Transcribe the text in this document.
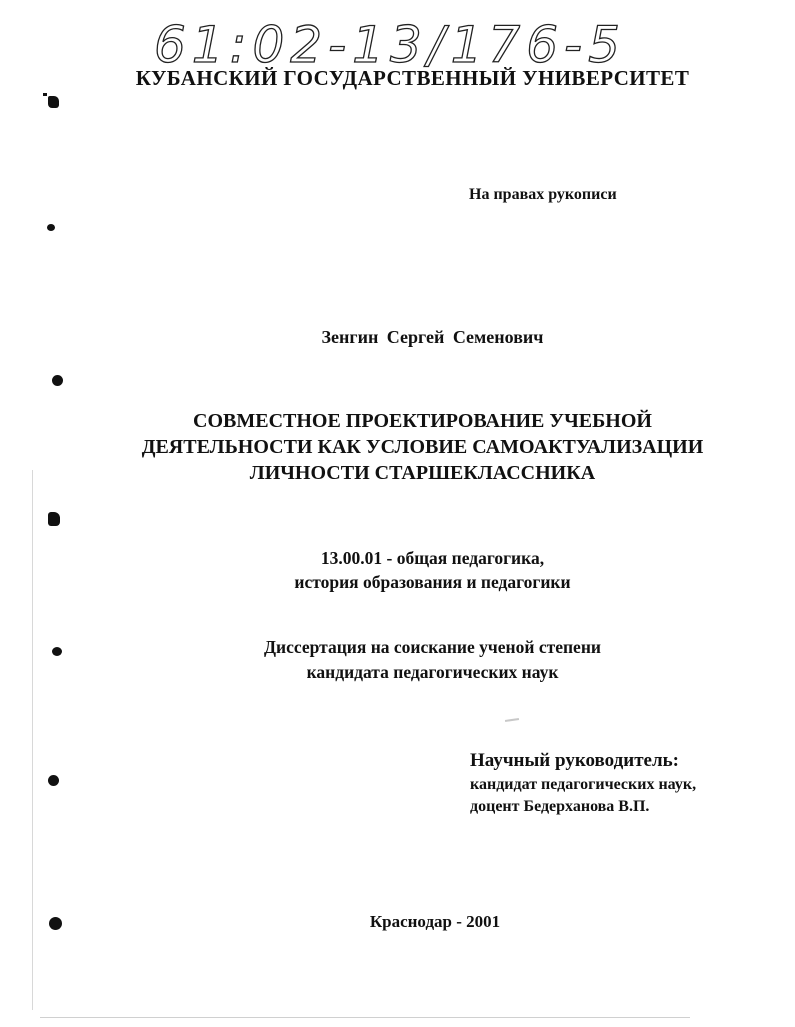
61:02-13/176-5
КУБАНСКИЙ ГОСУДАРСТВЕННЫЙ УНИВЕРСИТЕТ
На правах рукописи
Зенгин Сергей Семенович
СОВМЕСТНОЕ ПРОЕКТИРОВАНИЕ УЧЕБНОЙ
ДЕЯТЕЛЬНОСТИ КАК УСЛОВИЕ САМОАКТУАЛИЗАЦИИ
ЛИЧНОСТИ СТАРШЕКЛАССНИКА
13.00.01 - общая педагогика,
история образования и педагогики
Диссертация на соискание ученой степени
кандидата педагогических наук
Научный руководитель:
кандидат педагогических наук,
доцент Бедерханова В.П.
Краснодар - 2001
